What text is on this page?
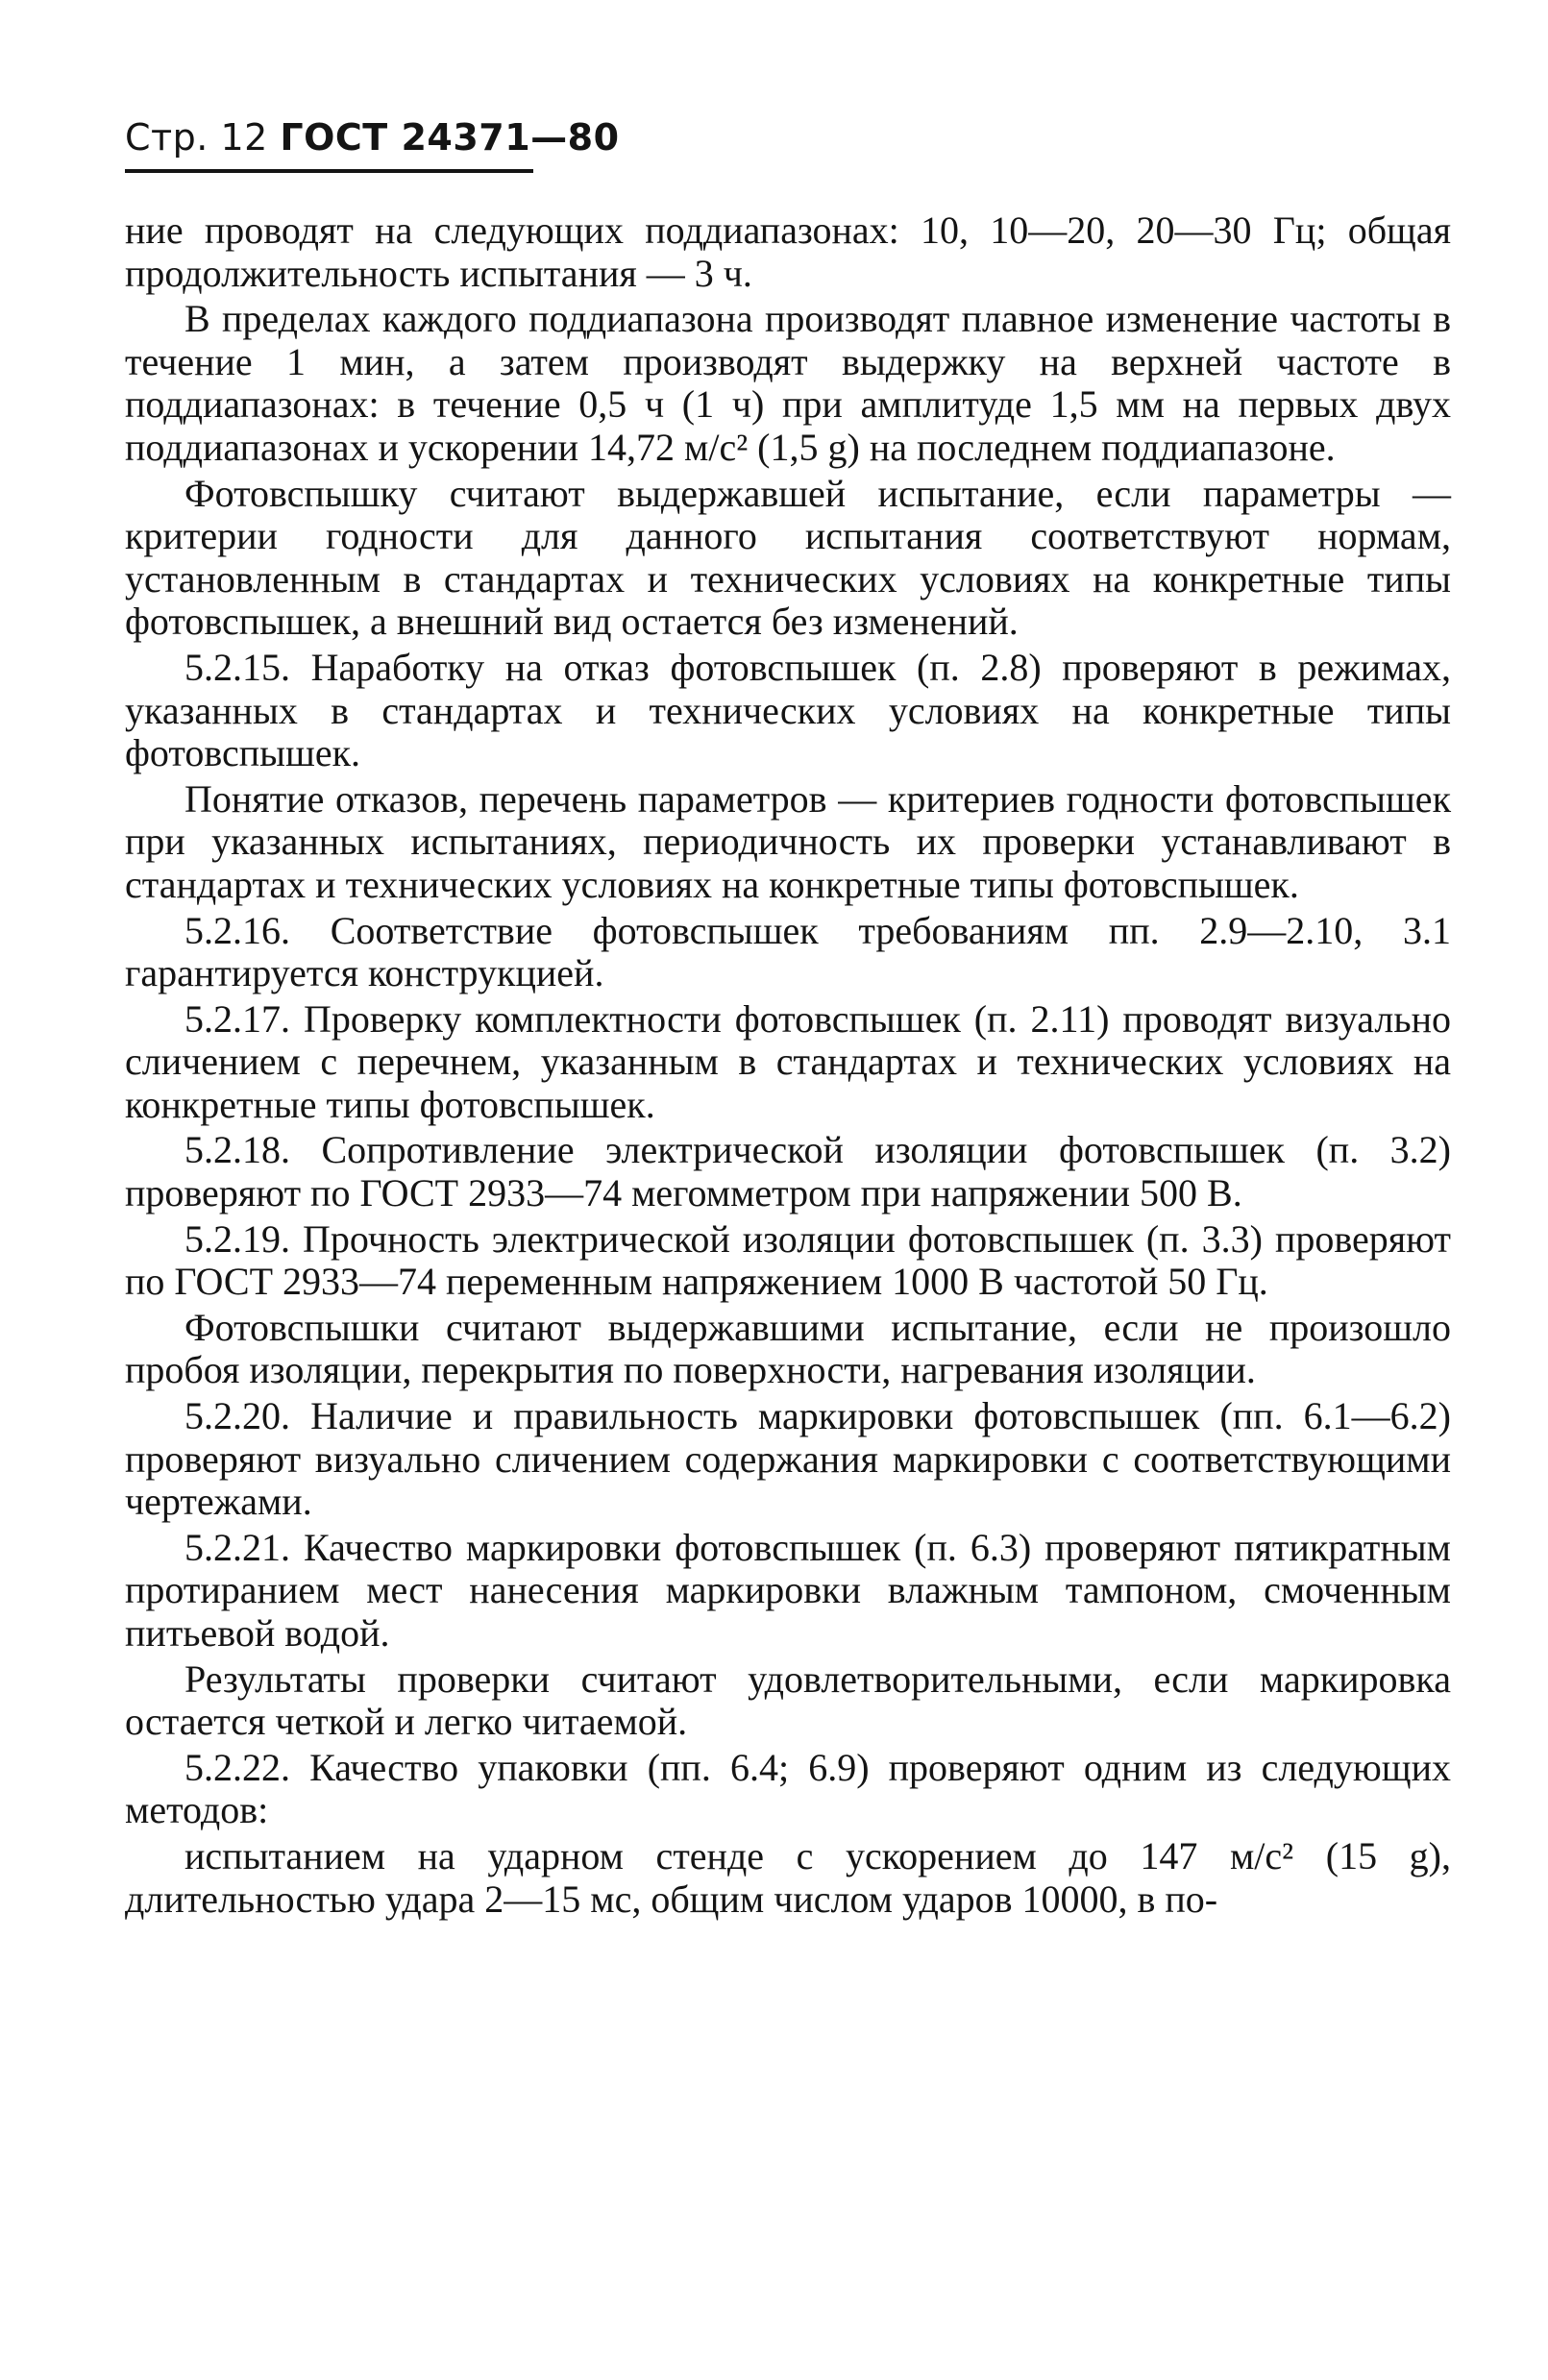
Стр. 12 ГОСТ 24371—80

ние проводят на следующих поддиапазонах: 10, 10—20, 20—30 Гц; общая продолжительность испытания — 3 ч.

В пределах каждого поддиапазона производят плавное изменение частоты в течение 1 мин, а затем производят выдержку на верхней частоте в поддиапазонах: в течение 0,5 ч (1 ч) при амплитуде 1,5 мм на первых двух поддиапазонах и ускорении 14,72 м/с² (1,5 g) на последнем поддиапазоне.

Фотовспышку считают выдержавшей испытание, если параметры — критерии годности для данного испытания соответствуют нормам, установленным в стандартах и технических условиях на конкретные типы фотовспышек, а внешний вид остается без изменений.

5.2.15. Наработку на отказ фотовспышек (п. 2.8) проверяют в режимах, указанных в стандартах и технических условиях на конкретные типы фотовспышек.

Понятие отказов, перечень параметров — критериев годности фотовспышек при указанных испытаниях, периодичность их проверки устанавливают в стандартах и технических условиях на конкретные типы фотовспышек.

5.2.16. Соответствие фотовспышек требованиям пп. 2.9—2.10, 3.1 гарантируется конструкцией.

5.2.17. Проверку комплектности фотовспышек (п. 2.11) проводят визуально сличением с перечнем, указанным в стандартах и технических условиях на конкретные типы фотовспышек.

5.2.18. Сопротивление электрической изоляции фотовспышек (п. 3.2) проверяют по ГОСТ 2933—74 мегомметром при напряжении 500 В.

5.2.19. Прочность электрической изоляции фотовспышек (п. 3.3) проверяют по ГОСТ 2933—74 переменным напряжением 1000 В частотой 50 Гц.

Фотовспышки считают выдержавшими испытание, если не произошло пробоя изоляции, перекрытия по поверхности, нагревания изоляции.

5.2.20. Наличие и правильность маркировки фотовспышек (пп. 6.1—6.2) проверяют визуально сличением содержания маркировки с соответствующими чертежами.

5.2.21. Качество маркировки фотовспышек (п. 6.3) проверяют пятикратным протиранием мест нанесения маркировки влажным тампоном, смоченным питьевой водой.

Результаты проверки считают удовлетворительными, если маркировка остается четкой и легко читаемой.

5.2.22. Качество упаковки (пп. 6.4; 6.9) проверяют одним из следующих методов:

испытанием на ударном стенде с ускорением до 147 м/с² (15 g), длительностью удара 2—15 мс, общим числом ударов 10000, в по-
